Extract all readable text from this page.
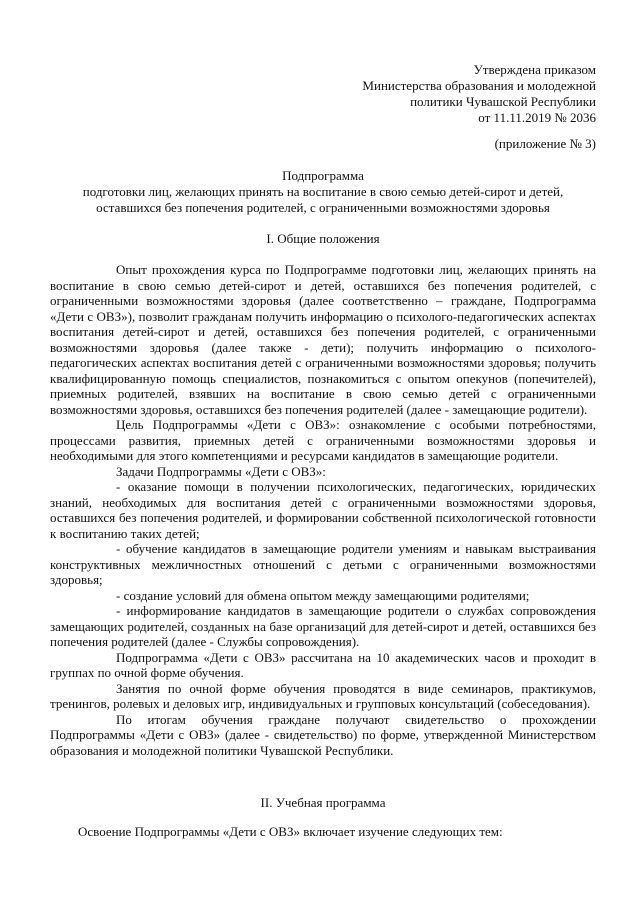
Утверждена приказом
Министерства образования и молодежной
политики Чувашской Республики
от 11.11.2019 № 2036
(приложение № 3)
Подпрограмма
подготовки лиц, желающих принять на воспитание в свою семью детей-сирот и детей,
оставшихся без попечения родителей, с ограниченными возможностями здоровья
I. Общие положения

Опыт прохождения курса по Подпрограмме подготовки лиц, желающих принять на воспитание в свою семью детей-сирот и детей, оставшихся без попечения родителей, с ограниченными возможностями здоровья (далее соответственно – граждане, Подпрограмма «Дети с ОВЗ»), позволит гражданам получить информацию о психолого-педагогических аспектах воспитания детей-сирот и детей, оставшихся без попечения родителей, с ограниченными возможностями здоровья (далее также - дети); получить информацию о психолого-педагогических аспектах воспитания детей с ограниченными возможностями здоровья; получить квалифицированную помощь специалистов, познакомиться с опытом опекунов (попечителей), приемных родителей, взявших на воспитание в свою семью детей с ограниченными возможностями здоровья, оставшихся без попечения родителей (далее - замещающие родители).

Цель Подпрограммы «Дети с ОВЗ»: ознакомление с особыми потребностями, процессами развития, приемных детей с ограниченными возможностями здоровья и необходимыми для этого компетенциями и ресурсами кандидатов в замещающие родители.

Задачи Подпрограммы «Дети с ОВЗ»:

- оказание помощи в получении психологических, педагогических, юридических знаний, необходимых для воспитания детей с ограниченными возможностями здоровья, оставшихся без попечения родителей, и формировании собственной психологической готовности к воспитанию таких детей;

- обучение кандидатов в замещающие родители умениям и навыкам выстраивания конструктивных межличностных отношений с детьми с ограниченными возможностями здоровья;

- создание условий для обмена опытом между замещающими родителями;

- информирование кандидатов в замещающие родители о службах сопровождения замещающих родителей, созданных на базе организаций для детей-сирот и детей, оставшихся без попечения родителей (далее - Службы сопровождения).

Подпрограмма «Дети с ОВЗ» рассчитана на 10 академических часов и проходит в группах по очной форме обучения.

Занятия по очной форме обучения проводятся в виде семинаров, практикумов, тренингов, ролевых и деловых игр, индивидуальных и групповых консультаций (собеседования).

По итогам обучения граждане получают свидетельство о прохождении Подпрограммы «Дети с ОВЗ» (далее - свидетельство) по форме, утвержденной Министерством образования и молодежной политики Чувашской Республики.

II. Учебная программа
Освоение Подпрограммы «Дети с ОВЗ» включает изучение следующих тем:
